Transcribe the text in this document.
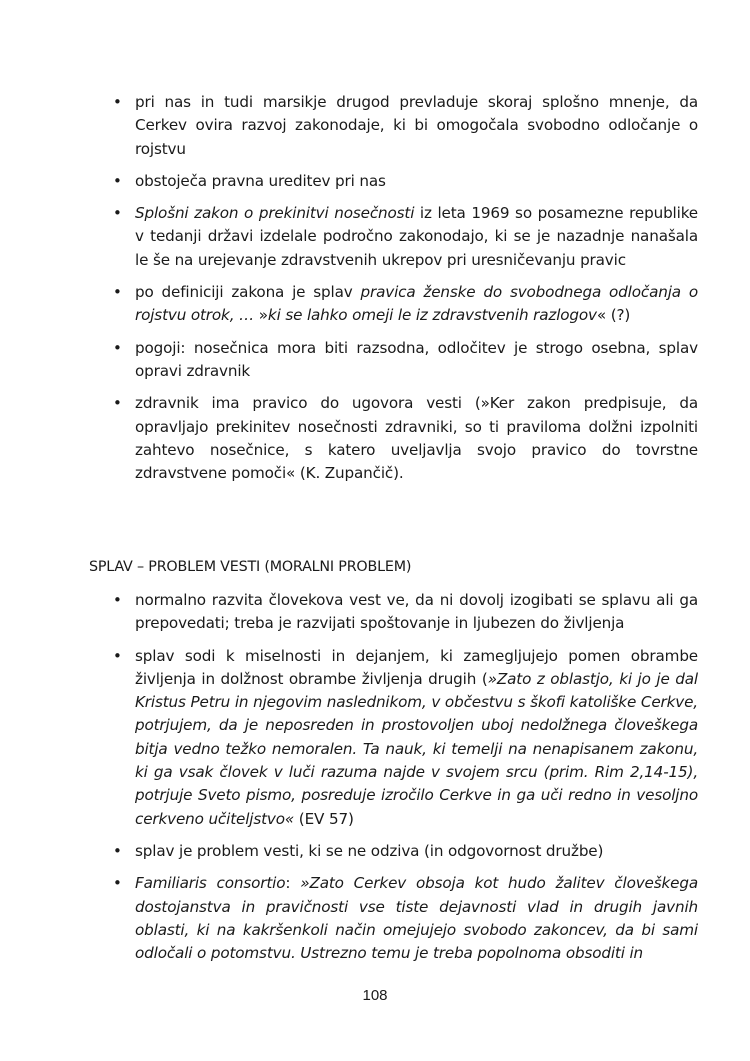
• pri nas in tudi marsikje drugod prevladuje skoraj splošno mnenje, da Cerkev ovira razvoj zakonodaje, ki bi omogočala svobodno odločanje o rojstvu
• obstoječa pravna ureditev pri nas
• Splošni zakon o prekinitvi nosečnosti iz leta 1969 so posamezne republike v tedanji državi izdelale področno zakonodajo, ki se je nazadnje nanašala le še na urejevanje zdravstvenih ukrepov pri uresničevanju pravic
• po definiciji zakona je splav pravica ženske do svobodnega odločanja o rojstvu otrok, … »ki se lahko omeji le iz zdravstvenih razlogov« (?)
• pogoji: nosečnica mora biti razsodna, odločitev je strogo osebna, splav opravi zdravnik
• zdravnik ima pravico do ugovora vesti (»Ker zakon predpisuje, da opravljajo prekinitev nosečnosti zdravniki, so ti praviloma dolžni izpolniti zahtevo nosečnice, s katero uveljavlja svojo pravico do tovrstne zdravstvene pomoči« (K. Zupančič).
SPLAV – PROBLEM VESTI (MORALNI PROBLEM)
• normalno razvita človekova vest ve, da ni dovolj izogibati se splavu ali ga prepovedati; treba je razvijati spoštovanje in ljubezen do življenja
• splav sodi k miselnosti in dejanjem, ki zamegljujejo pomen obrambe življenja in dolžnost obrambe življenja drugih (»Zato z oblastjo, ki jo je dal Kristus Petru in njegovim naslednikom, v občestvu s škofi katoliške Cerkve, potrjujem, da je neposreden in prostovoljen uboj nedolžnega človeškega bitja vedno težko nemoralen. Ta nauk, ki temelji na nenapisanem zakonu, ki ga vsak človek v luči razuma najde v svojem srcu (prim. Rim 2,14-15), potrjuje Sveto pismo, posreduje izročilo Cerkve in ga uči redno in vesoljno cerkveno učiteljstvo« (EV 57)
• splav je problem vesti, ki se ne odziva (in odgovornost družbe)
• Familiaris consortio: »Zato Cerkev obsoja kot hudo žalitev človeškega dostojanstva in pravičnosti vse tiste dejavnosti vlad in drugih javnih oblasti, ki na kakršenkoli način omejujejo svobodo zakoncev, da bi sami odločali o potomstvu. Ustrezno temu je treba popolnoma obsoditi in
108
